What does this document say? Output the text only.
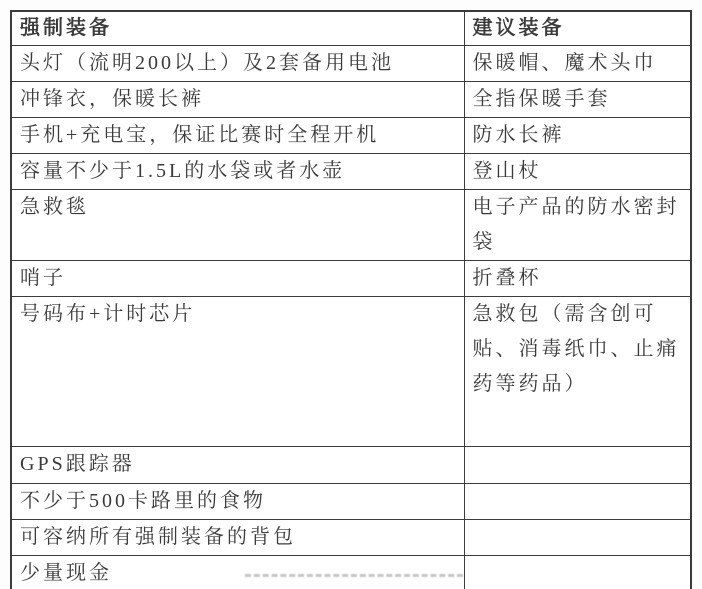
强制装备	建议装备
头灯（流明200以上）及2套备用电池	保暖帽、魔术头巾
冲锋衣，保暖长裤	全指保暖手套
手机+充电宝，保证比赛时全程开机	防水长裤
容量不少于1.5L的水袋或者水壶	登山杖
急救毯	电子产品的防水密封袋
哨子	折叠杯
号码布+计时芯片	急救包（需含创可贴、消毒纸巾、止痛药等药品）
GPS跟踪器	
不少于500卡路里的食物	
可容纳所有强制装备的背包	
少量现金	
